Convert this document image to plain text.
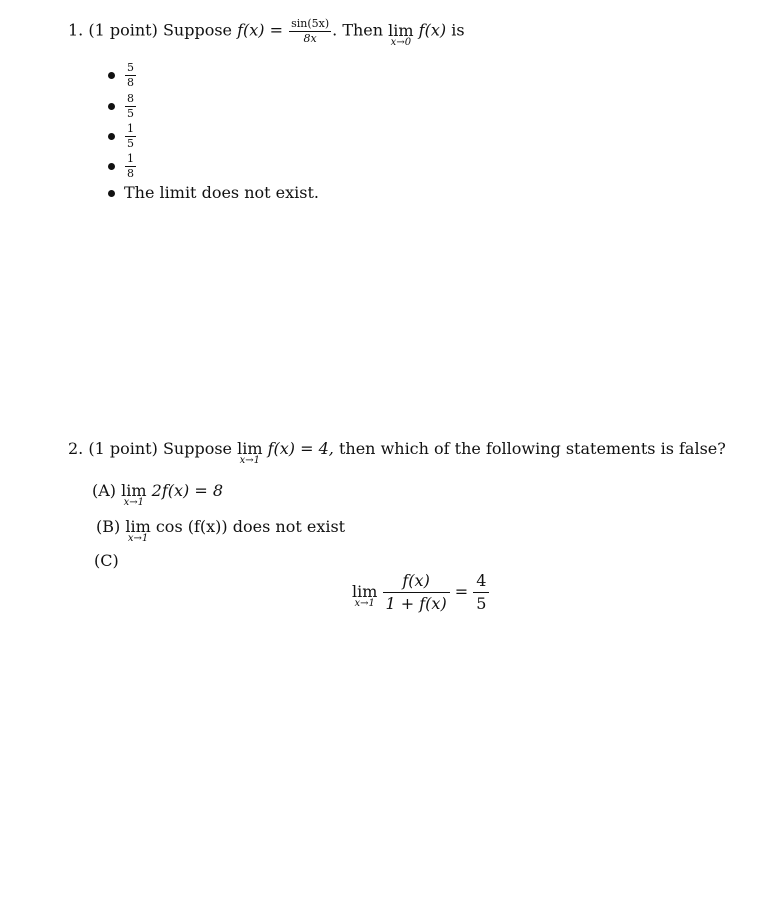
1. (1 point) Suppose $f(x) = \frac{\sin(5x)}{8x}$ . Then lim
x→0
f(x) is
$\frac{5}{8}$
$\frac{8}{5}$
$\frac{1}{5}$
$\frac{1}{8}$
The limit does not exist.
2. (1 point) Suppose lim
x→1
f(x) = 4, then which of the following statements is false?
(A) lim
x→1
2f(x) = 8
(B) lim
x→1
cos (f(x)) does not exist
(C)
lim
x→1
$\frac{f(x)}{1 + f(x)} = \frac{4}{5}$
